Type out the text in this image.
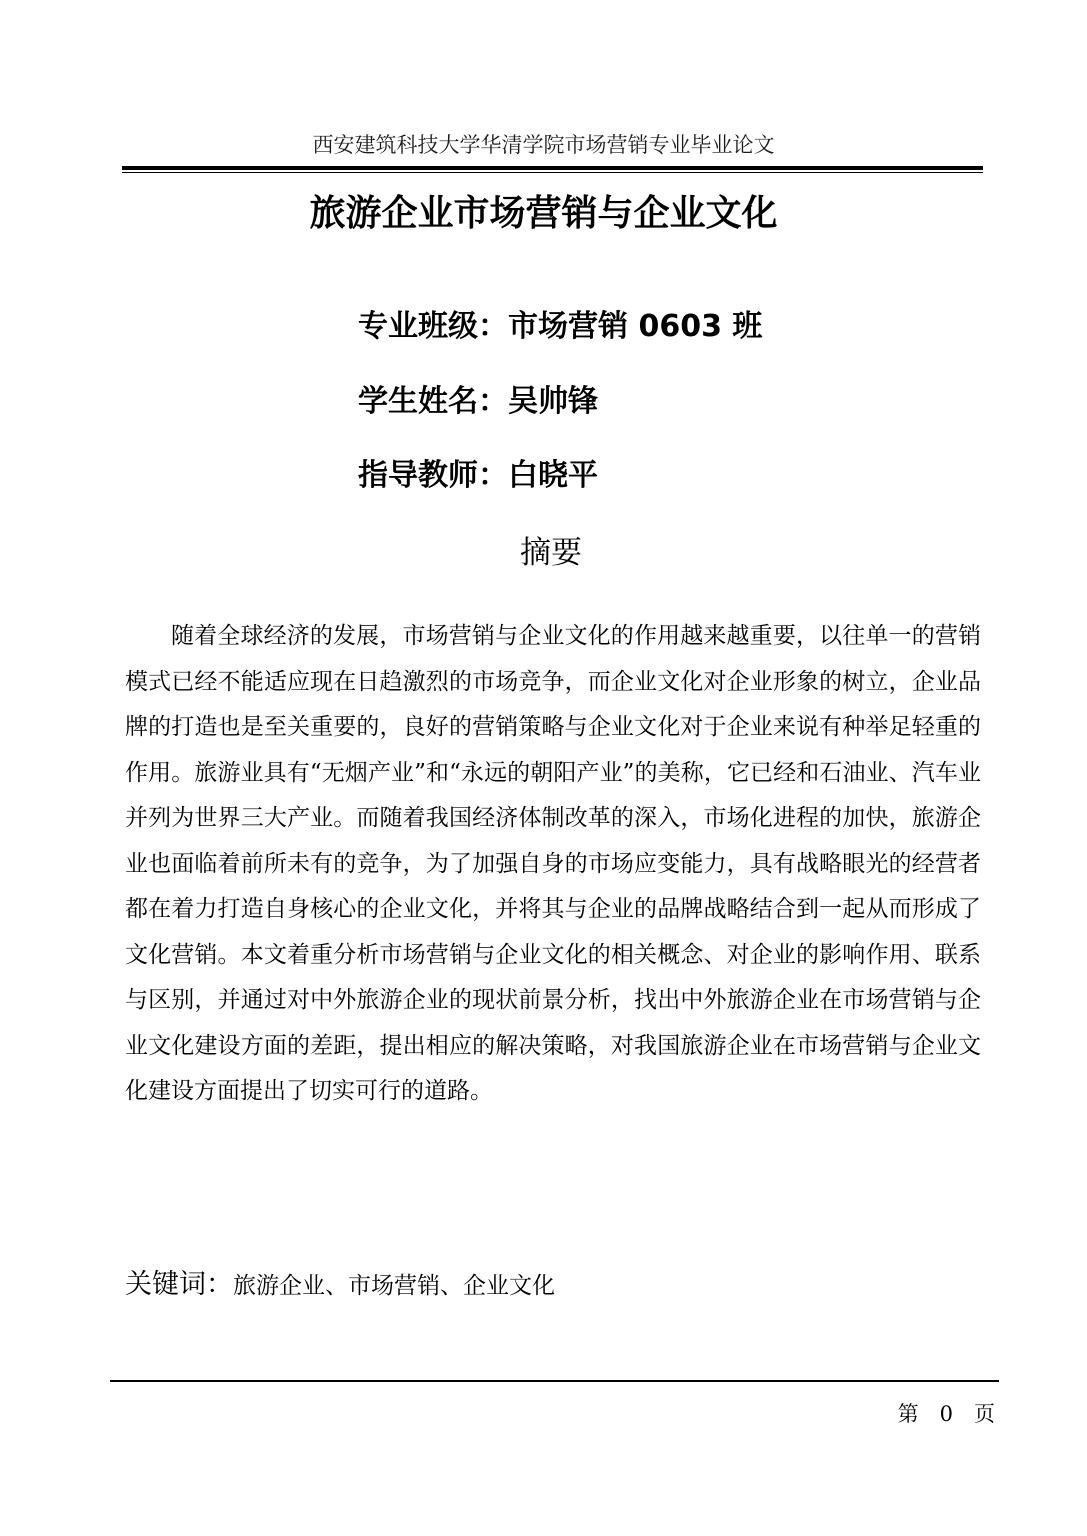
西安建筑科技大学华清学院市场营销专业毕业论文
旅游企业市场营销与企业文化
专业班级：市场营销 0603 班
学生姓名：吴帅锋
指导教师：白晓平
摘要

随着全球经济的发展，市场营销与企业文化的作用越来越重要，以往单一的营销模式已经不能适应现在日趋激烈的市场竞争，而企业文化对企业形象的树立，企业品牌的打造也是至关重要的，良好的营销策略与企业文化对于企业来说有种举足轻重的作用。旅游业具有“无烟产业”和“永远的朝阳产业”的美称，它已经和石油业、汽车业并列为世界三大产业。而随着我国经济体制改革的深入，市场化进程的加快，旅游企业也面临着前所未有的竞争，为了加强自身的市场应变能力，具有战略眼光的经营者都在着力打造自身核心的企业文化，并将其与企业的品牌战略结合到一起从而形成了文化营销。本文着重分析市场营销与企业文化的相关概念、对企业的影响作用、联系与区别，并通过对中外旅游企业的现状前景分析，找出中外旅游企业在市场营销与企业文化建设方面的差距，提出相应的解决策略，对我国旅游企业在市场营销与企业文化建设方面提出了切实可行的道路。

关键词：旅游企业、市场营销、企业文化
第　0　页
